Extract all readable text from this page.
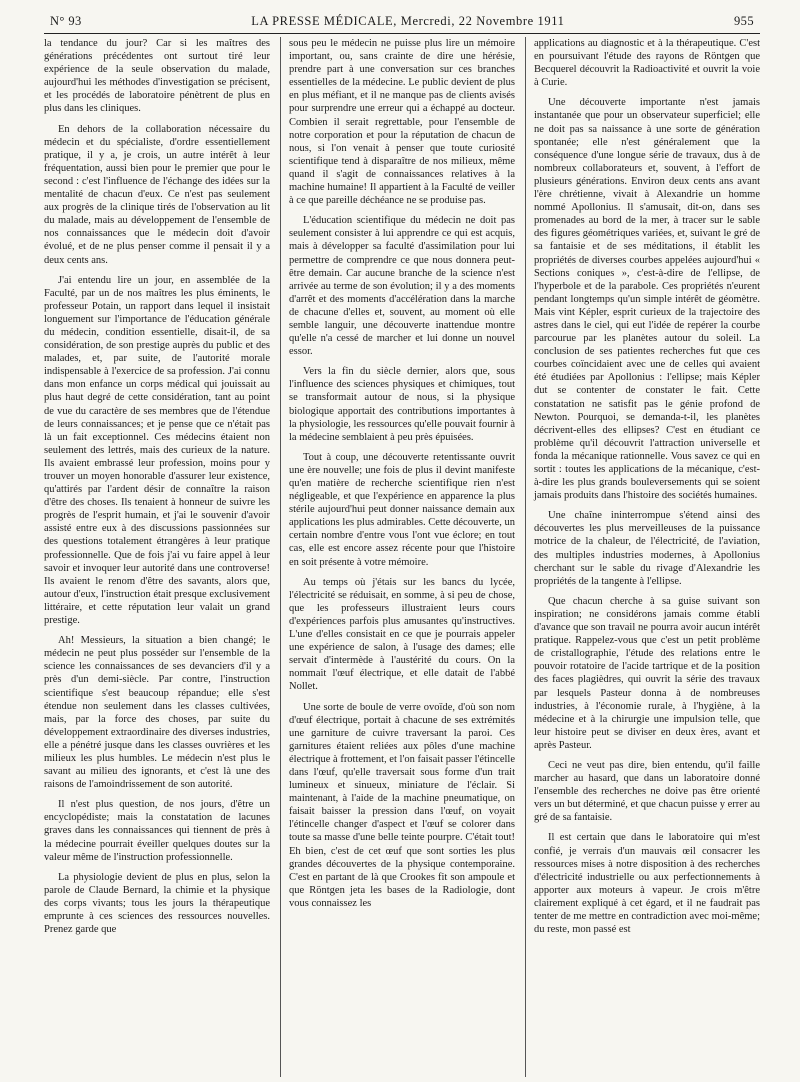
N° 93	LA PRESSE MÉDICALE, Mercredi, 22 Novembre 1911	955

la tendance du jour? Car si les maîtres des générations précédentes ont surtout tiré leur expérience de la seule observation du malade, aujourd'hui les méthodes d'investigation se précisent, et les procédés de laboratoire pénètrent de plus en plus dans les cliniques.

En dehors de la collaboration nécessaire du médecin et du spécialiste, d'ordre essentiellement pratique, il y a, je crois, un autre intérêt à leur fréquentation, aussi bien pour le premier que pour le second : c'est l'influence de l'échange des idées sur la mentalité de chacun d'eux. Ce n'est pas seulement aux progrès de la clinique tirés de l'observation au lit du malade, mais au développement de l'ensemble de nos connaissances que le médecin doit d'avoir évolué, et de ne plus penser comme il pensait il y a deux cents ans.

J'ai entendu lire un jour, en assemblée de la Faculté, par un de nos maîtres les plus éminents, le professeur Potain, un rapport dans lequel il insistait longuement sur l'importance de l'éducation générale du médecin, condition essentielle, disait-il, de sa considération, de son prestige auprès du public et des malades, et, par suite, de l'autorité morale indispensable à l'exercice de sa profession. J'ai connu dans mon enfance un corps médical qui jouissait au plus haut degré de cette considération, tant au point de vue du caractère de ses membres que de l'étendue de leurs connaissances; et je pense que ce n'était pas là un fait exceptionnel. Ces médecins étaient non seulement des lettrés, mais des curieux de la nature. Ils avaient embrassé leur profession, moins pour y trouver un moyen honorable d'assurer leur existence, qu'attirés par l'ardent désir de connaître la raison d'être des choses. Ils tenaient à honneur de suivre les progrès de l'esprit humain, et j'ai le souvenir d'avoir assisté entre eux à des discussions passionnées sur des questions totalement étrangères à leur pratique professionnelle. Que de fois j'ai vu faire appel à leur savoir et invoquer leur autorité dans une controverse! Ils avaient le renom d'être des savants, alors que, autour d'eux, l'instruction était presque exclusivement littéraire, et cette réputation leur valait un grand prestige.

Ah! Messieurs, la situation a bien changé; le médecin ne peut plus posséder sur l'ensemble de la science les connaissances de ses devanciers d'il y a près d'un demi-siècle. Par contre, l'instruction scientifique s'est beaucoup répandue; elle s'est étendue non seulement dans les classes cultivées, mais, par la force des choses, par suite du développement extraordinaire des diverses industries, elle a pénétré jusque dans les classes ouvrières et les milieux les plus humbles. Le médecin n'est plus le savant au milieu des ignorants, et c'est là une des raisons de l'amoindrissement de son autorité.

Il n'est plus question, de nos jours, d'être un encyclopédiste; mais la constatation de lacunes graves dans les connaissances qui tiennent de près à la médecine pourrait éveiller quelques doutes sur la valeur même de l'instruction professionnelle.

La physiologie devient de plus en plus, selon la parole de Claude Bernard, la chimie et la physique des corps vivants; tous les jours la thérapeutique emprunte à ces sciences des ressources nouvelles. Prenez garde que

sous peu le médecin ne puisse plus lire un mémoire important, ou, sans crainte de dire une hérésie, prendre part à une conversation sur ces branches essentielles de la médecine. Le public devient de plus en plus méfiant, et il ne manque pas de clients avisés pour surprendre une erreur qui a échappé au docteur. Combien il serait regrettable, pour l'ensemble de notre corporation et pour la réputation de chacun de nous, si l'on venait à penser que toute curiosité scientifique tend à disparaître de nos milieux, même quand il s'agit de connaissances relatives à la machine humaine! Il appartient à la Faculté de veiller à ce que pareille déchéance ne se produise pas.

L'éducation scientifique du médecin ne doit pas seulement consister à lui apprendre ce qui est acquis, mais à développer sa faculté d'assimilation pour lui permettre de comprendre ce que nous donnera peut-être demain. Car aucune branche de la science n'est arrivée au terme de son évolution; il y a des moments d'arrêt et des moments d'accélération dans la marche de chacune d'elles et, souvent, au moment où elle semble languir, une découverte inattendue montre qu'elle n'a cessé de marcher et lui donne un nouvel essor.

Vers la fin du siècle dernier, alors que, sous l'influence des sciences physiques et chimiques, tout se transformait autour de nous, si la physique biologique apportait des contributions importantes à la physiologie, les ressources qu'elle pouvait fournir à la médecine semblaient à peu près épuisées.

Tout à coup, une découverte retentissante ouvrit une ère nouvelle; une fois de plus il devint manifeste qu'en matière de recherche scientifique rien n'est négligeable, et que l'expérience en apparence la plus stérile aujourd'hui peut donner naissance demain aux applications les plus admirables. Cette découverte, un certain nombre d'entre vous l'ont vue éclore; en tout cas, elle est encore assez récente pour que l'histoire en soit présente à votre mémoire.

Au temps où j'étais sur les bancs du lycée, l'électricité se réduisait, en somme, à si peu de chose, que les professeurs illustraient leurs cours d'expériences parfois plus amusantes qu'instructives. L'une d'elles consistait en ce que je pourrais appeler une expérience de salon, à l'usage des dames; elle servait d'intermède à l'austérité du cours. On la nommait l'œuf électrique, et elle datait de l'abbé Nollet.

Une sorte de boule de verre ovoïde, d'où son nom d'œuf électrique, portait à chacune de ses extrémités une garniture de cuivre traversant la paroi. Ces garnitures étaient reliées aux pôles d'une machine électrique à frottement, et l'on faisait passer l'étincelle dans l'œuf, qu'elle traversait sous forme d'un trait lumineux et sinueux, miniature de l'éclair. Si maintenant, à l'aide de la machine pneumatique, on faisait baisser la pression dans l'œuf, on voyait l'étincelle changer d'aspect et l'œuf se colorer dans toute sa masse d'une belle teinte pourpre. C'était tout! Eh bien, c'est de cet œuf que sont sorties les plus grandes découvertes de la physique contemporaine. C'est en partant de là que Crookes fit son ampoule et que Röntgen jeta les bases de la Radiologie, dont vous connaissez les

applications au diagnostic et à la thérapeutique. C'est en poursuivant l'étude des rayons de Röntgen que Becquerel découvrit la Radioactivité et ouvrit la voie à Curie.

Une découverte importante n'est jamais instantanée que pour un observateur superficiel; elle ne doit pas sa naissance à une sorte de génération spontanée; elle n'est généralement que la conséquence d'une longue série de travaux, dus à de nombreux collaborateurs et, souvent, à l'effort de plusieurs générations. Environ deux cents ans avant l'ère chrétienne, vivait à Alexandrie un homme nommé Apollonius. Il s'amusait, dit-on, dans ses promenades au bord de la mer, à tracer sur le sable des figures géométriques variées, et, suivant le gré de sa fantaisie et de ses méditations, il établit les propriétés de diverses courbes appelées aujourd'hui « Sections coniques », c'est-à-dire de l'ellipse, de l'hyperbole et de la parabole. Ces propriétés n'eurent pendant longtemps qu'un simple intérêt de géomètre. Mais vint Képler, esprit curieux de la trajectoire des astres dans le ciel, qui eut l'idée de repérer la courbe parcourue par les planètes autour du soleil. La conclusion de ses patientes recherches fut que ces courbes coïncidaient avec une de celles qui avaient été étudiées par Apollonius : l'ellipse; mais Képler dut se contenter de constater le fait. Cette constatation ne satisfit pas le génie profond de Newton. Pourquoi, se demanda-t-il, les planètes décrivent-elles des ellipses? C'est en étudiant ce problème qu'il découvrit l'attraction universelle et fonda la mécanique rationnelle. Vous savez ce qui en sortit : toutes les applications de la mécanique, c'est-à-dire les plus grands bouleversements qui se soient jamais produits dans l'histoire des sociétés humaines.

Une chaîne ininterrompue s'étend ainsi des découvertes les plus merveilleuses de la puissance motrice de la chaleur, de l'électricité, de l'aviation, des multiples industries modernes, à Apollonius cherchant sur le sable du rivage d'Alexandrie les propriétés de la tangente à l'ellipse.

Que chacun cherche à sa guise suivant son inspiration; ne considérons jamais comme établi d'avance que son travail ne pourra avoir aucun intérêt pratique. Rappelez-vous que c'est un petit problème de cristallographie, l'étude des relations entre le pouvoir rotatoire de l'acide tartrique et de la position des faces plagièdres, qui ouvrit la série des travaux par lesquels Pasteur donna à de nombreuses industries, à l'économie rurale, à l'hygiène, à la médecine et à la chirurgie une impulsion telle, que leur histoire peut se diviser en deux ères, avant et après Pasteur.

Ceci ne veut pas dire, bien entendu, qu'il faille marcher au hasard, que dans un laboratoire donné l'ensemble des recherches ne doive pas être orienté vers un but déterminé, et que chacun puisse y errer au gré de sa fantaisie.

Il est certain que dans le laboratoire qui m'est confié, je verrais d'un mauvais œil consacrer les ressources mises à notre disposition à des recherches d'électricité industrielle ou aux perfectionnements à apporter aux moteurs à vapeur. Je crois m'être clairement expliqué à cet égard, et il ne faudrait pas tenter de me mettre en contradiction avec moi-même; du reste, mon passé est
